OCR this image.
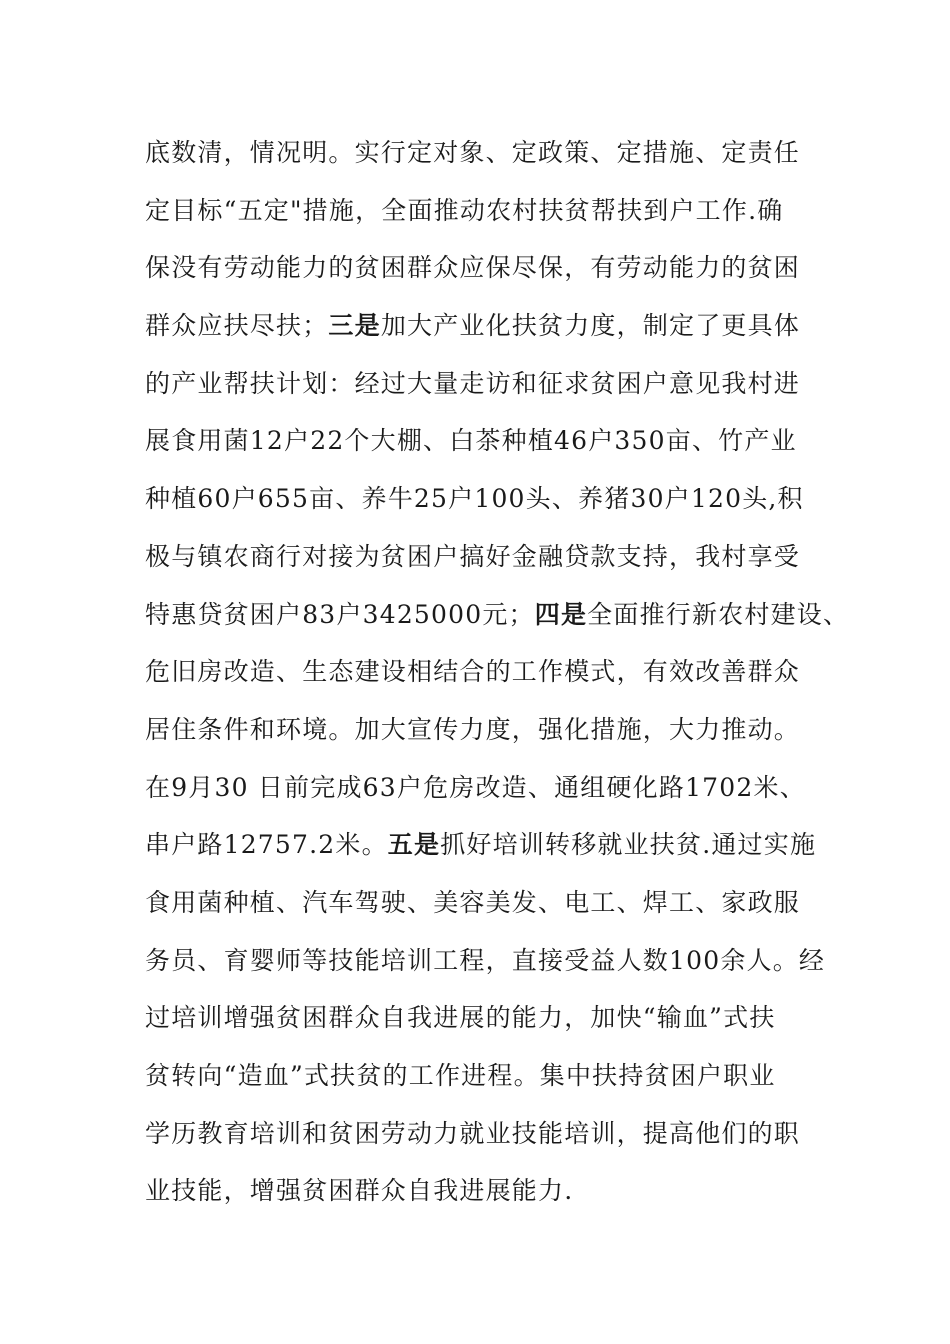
底数清，情况明。实行定对象、定政策、定措施、定责任
定目标“五定"措施，全面推动农村扶贫帮扶到户工作.确
保没有劳动能力的贫困群众应保尽保，有劳动能力的贫困
群众应扶尽扶；三是加大产业化扶贫力度，制定了更具体
的产业帮扶计划：经过大量走访和征求贫困户意见我村进
展食用菌12户22个大棚、白茶种植46户350亩、竹产业
种植60户655亩、养牛25户100头、养猪30户120头,积
极与镇农商行对接为贫困户搞好金融贷款支持，我村享受
特惠贷贫困户83户3425000元；四是全面推行新农村建设、
危旧房改造、生态建设相结合的工作模式，有效改善群众
居住条件和环境。加大宣传力度，强化措施，大力推动。
在9月30 日前完成63户危房改造、通组硬化路1702米、
串户路12757.2米。五是抓好培训转移就业扶贫.通过实施
食用菌种植、汽车驾驶、美容美发、电工、焊工、家政服
务员、育婴师等技能培训工程，直接受益人数100余人。经
过培训增强贫困群众自我进展的能力，加快“输血”式扶
贫转向“造血”式扶贫的工作进程。集中扶持贫困户职业
学历教育培训和贫困劳动力就业技能培训，提高他们的职
业技能，增强贫困群众自我进展能力.
